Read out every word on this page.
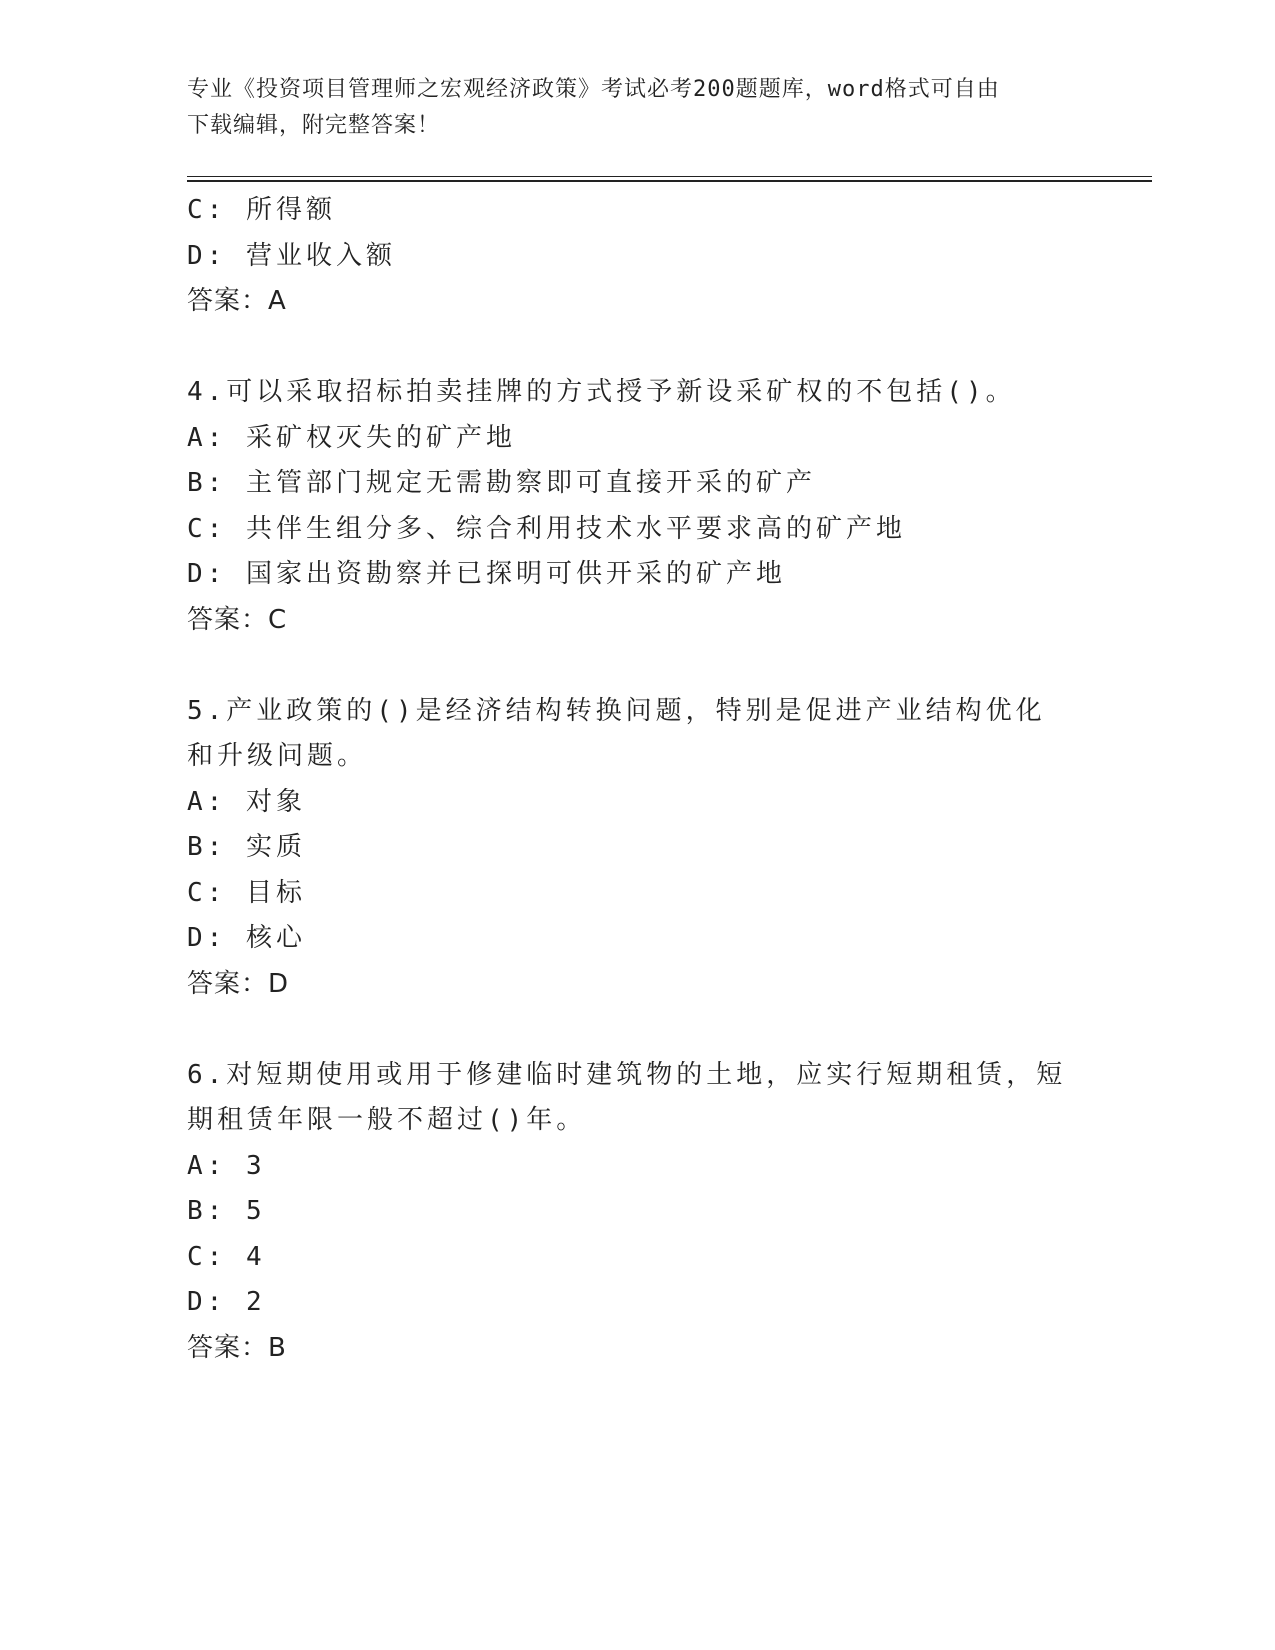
专业《投资项目管理师之宏观经济政策》考试必考200题题库，word格式可自由
下载编辑，附完整答案！
C: 所得额
D: 营业收入额
答案：A
4.可以采取招标拍卖挂牌的方式授予新设采矿权的不包括()。
A: 采矿权灭失的矿产地
B: 主管部门规定无需勘察即可直接开采的矿产
C: 共伴生组分多、综合利用技术水平要求高的矿产地
D: 国家出资勘察并已探明可供开采的矿产地
答案：C
5.产业政策的()是经济结构转换问题，特别是促进产业结构优化和升级问题。
A: 对象
B: 实质
C: 目标
D: 核心
答案：D
6.对短期使用或用于修建临时建筑物的土地，应实行短期租赁，短期租赁年限一般不超过()年。
A: 3
B: 5
C: 4
D: 2
答案：B
